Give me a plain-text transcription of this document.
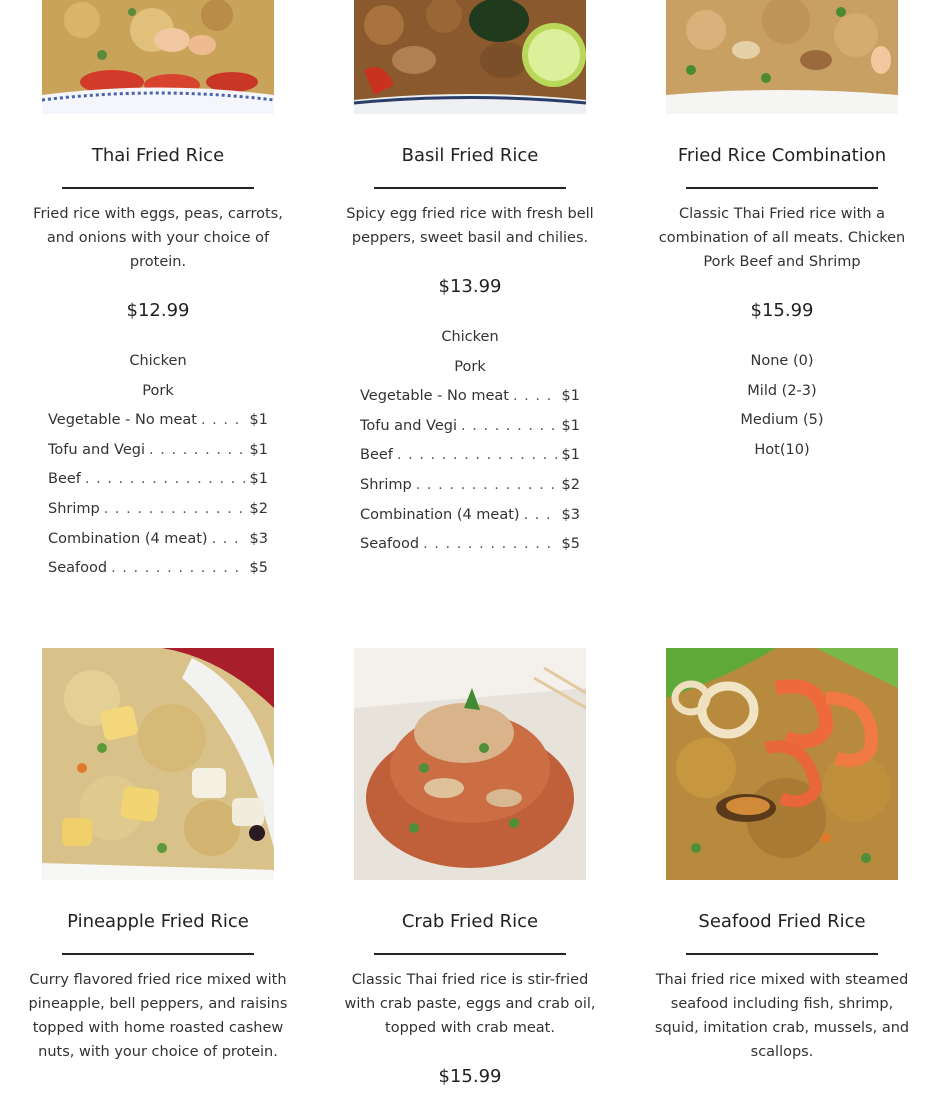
Thai Fried Rice
Fried rice with eggs, peas, carrots, and onions with your choice of protein.
$12.99
Chicken
Pork
Vegetable - No meat . . .	$1
Tofu and Vegi . . .	$1
Beef . . .	$1
Shrimp . . .	$2
Combination (4 meat) . . .	$3
Seafood . . .	$5
Basil Fried Rice
Spicy egg fried rice with fresh bell peppers, sweet basil and chilies.
$13.99
Chicken
Pork
Vegetable - No meat . . .	$1
Tofu and Vegi . . .	$1
Beef . . .	$1
Shrimp . . .	$2
Combination (4 meat) . . .	$3
Seafood . . .	$5
Fried Rice Combination
Classic Thai Fried rice with a combination of all meats. Chicken Pork Beef and Shrimp
$15.99
None (0)
Mild (2-3)
Medium (5)
Hot(10)
Pineapple Fried Rice
Curry flavored fried rice mixed with pineapple, bell peppers, and raisins topped with home roasted cashew nuts, with your choice of protein.
Crab Fried Rice
Classic Thai fried rice is stir-fried with crab paste, eggs and crab oil, topped with crab meat.
$15.99
Seafood Fried Rice
Thai fried rice mixed with steamed seafood including fish, shrimp, squid, imitation crab, mussels, and scallops.
